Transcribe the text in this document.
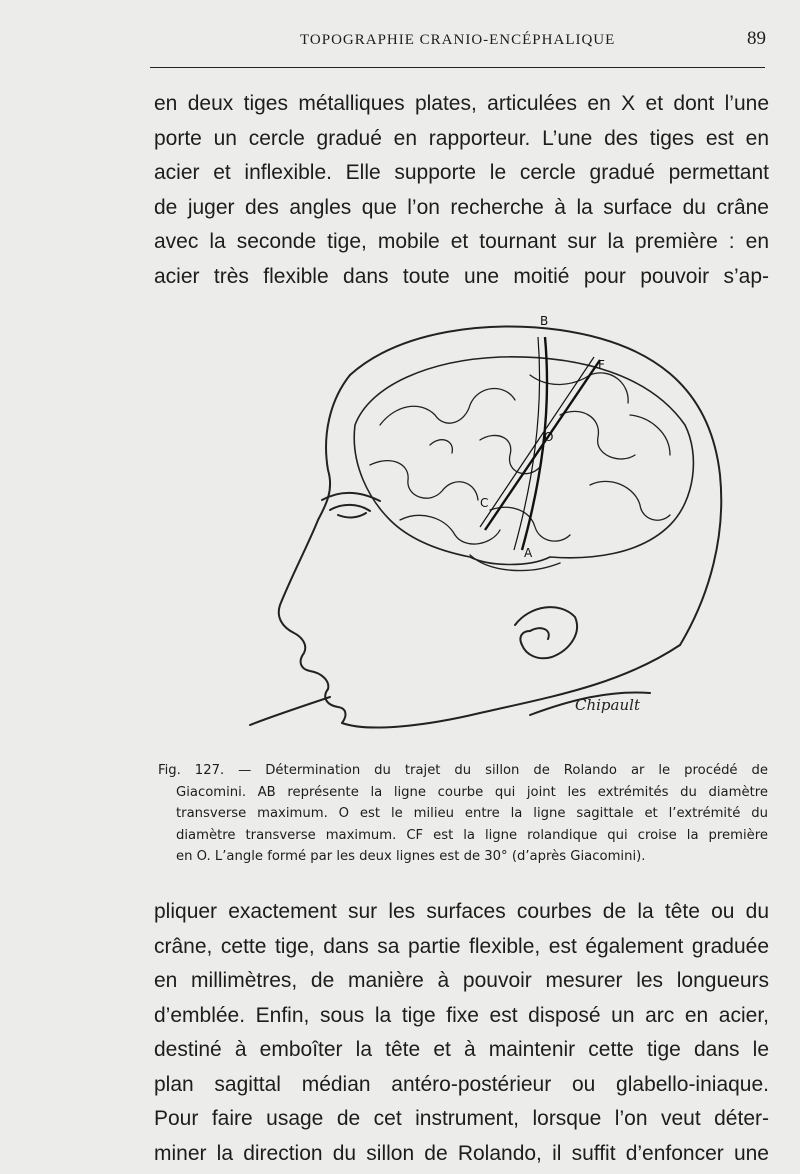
TOPOGRAPHIE CRANIO-ENCÉPHALIQUE	89
en deux tiges métalliques plates, articulées en X et dont l’une
porte un cercle gradué en rapporteur. L’une des tiges est en
acier et inflexible. Elle supporte le cercle gradué permettant
de juger des angles que l’on recherche à la surface du crâne
avec la seconde tige, mobile et tournant sur la première : en
acier très flexible dans toute une moitié pour pouvoir s’ap-
B
F
O
C
A
Chipault
Fig. 127. — Détermination du trajet du sillon de Rolando ar le procédé de
Giacomini. AB représente la ligne courbe qui joint les extrémités du diamètre
transverse maximum. O est le milieu entre la ligne sagittale et l’extrémité du
diamètre transverse maximum. CF est la ligne rolandique qui croise la première
en O. L’angle formé par les deux lignes est de 30° (d’après Giacomini).
pliquer exactement sur les surfaces courbes de la tête ou du
crâne, cette tige, dans sa partie flexible, est également graduée
en millimètres, de manière à pouvoir mesurer les longueurs
d’emblée. Enfin, sous la tige fixe est disposé un arc en acier,
destiné à emboîter la tête et à maintenir cette tige dans le
plan sagittal médian antéro-postérieur ou glabello-iniaque.
Pour faire usage de cet instrument, lorsque l’on veut déter-
miner la direction du sillon de Rolando, il suffit d’enfoncer une
